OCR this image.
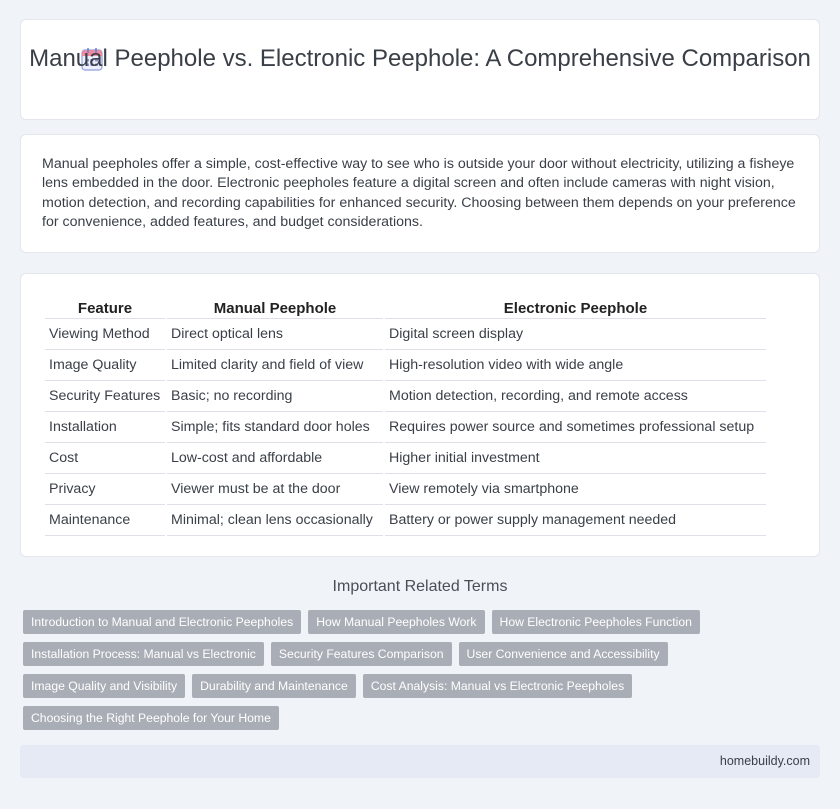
Manual Peephole vs. Electronic Peephole: A Comprehensive Comparison

Manual peepholes offer a simple, cost-effective way to see who is outside your door without electricity, utilizing a fisheye lens embedded in the door. Electronic peepholes feature a digital screen and often include cameras with night vision, motion detection, and recording capabilities for enhanced security. Choosing between them depends on your preference for convenience, added features, and budget considerations.

Feature	Manual Peephole	Electronic Peephole
Viewing Method	Direct optical lens	Digital screen display
Image Quality	Limited clarity and field of view	High-resolution video with wide angle
Security Features	Basic; no recording	Motion detection, recording, and remote access
Installation	Simple; fits standard door holes	Requires power source and sometimes professional setup
Cost	Low-cost and affordable	Higher initial investment
Privacy	Viewer must be at the door	View remotely via smartphone
Maintenance	Minimal; clean lens occasionally	Battery or power supply management needed
Important Related Terms
Introduction to Manual and Electronic Peepholes	How Manual Peepholes Work	How Electronic Peepholes Function
Installation Process: Manual vs Electronic	Security Features Comparison	User Convenience and Accessibility
Image Quality and Visibility	Durability and Maintenance	Cost Analysis: Manual vs Electronic Peepholes
Choosing the Right Peephole for Your Home
homebuildy.com
